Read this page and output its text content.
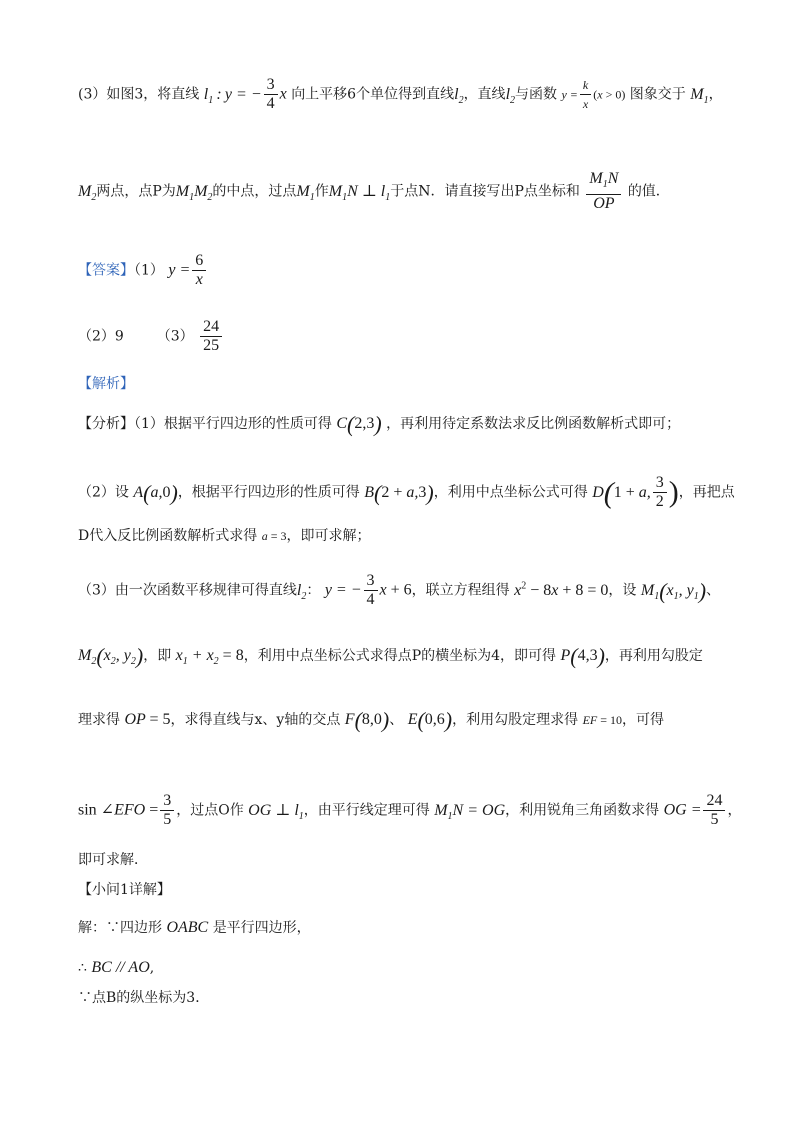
(3）如图3，将直线 $l_1$ : y = − $\frac{3}{4}$ x 向上平移6个单位得到直线$l_2$，直线$l_2$与函数 $y = \frac{k}{x} (x > 0)$ 图象交于 $M_1$，
$M_2$两点，点P为$M_1M_2$的中点，过点$M_1$作$M_1N$ ⊥ $l_1$于点N．请直接写出P点坐标和 $\frac{M_1N}{OP}$ 的值．
【答案】（1） $y = \frac{6}{x}$
（2）9 $(3) \frac{24}{25}$
【解析】
【分析】（1）根据平行四边形的性质可得 C(2,3) ，再利用待定系数法求反比例函数解析式即可；
（2）设 A(a,0)，根据平行四边形的性质可得 B(2 + a,3)，利用中点坐标公式可得 D(1 + a, $\frac{3}{2}$ )，再把点
D代入反比例函数解析式求得 a = 3，即可求解；
（3）由一次函数平移规律可得直线$l_2$： y = − $\frac{3}{4}$ x + 6，联立方程组得 $x^2 - 8x + 8 = 0$，设 $M_1(x_1$, $y_1$)、
$M_2(x_2$, $y_2$)，即 $x_1 + x_2 = 8$，利用中点坐标公式求得点P的横坐标为4，即可得 P(4,3)，再利用勾股定
理求得 OP = 5，求得直线与x、y轴的交点 F(8,0)、 E(0,6)，利用勾股定理求得 EF = 10，可得
sin ∠EFO = $\frac{3}{5}$ ，过点O作 OG ⊥ $l_1$，由平行线定理可得 $M_1N$ = OG，利用锐角三角函数求得 OG = $\frac{24}{5}$ ，
即可求解．
【小问1详解】
解：∵四边形 OABC 是平行四边形，
∴ BC // AO,
∵点B的纵坐标为3．
